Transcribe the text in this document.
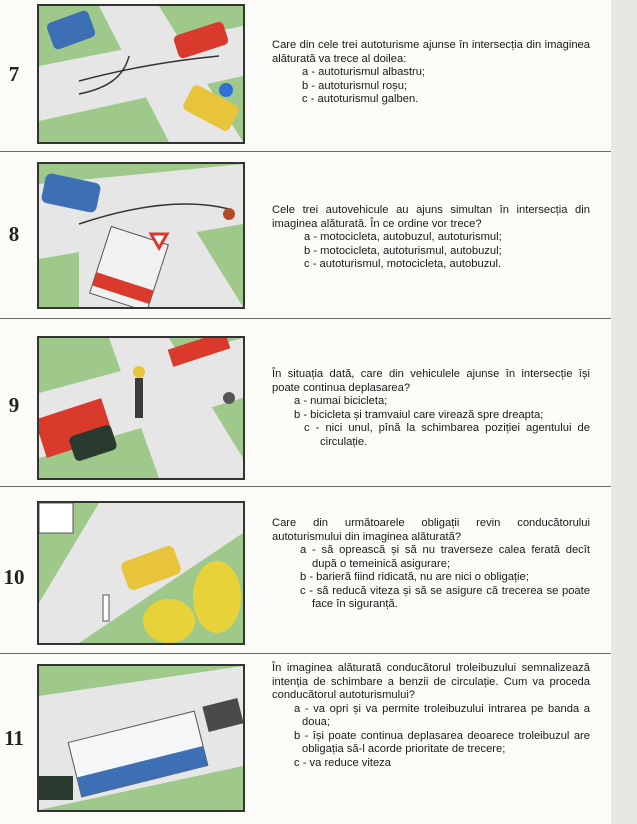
7

Care din cele trei autoturisme ajunse în intersecția din imaginea alăturată va trece al doilea:

a - autoturismul albastru;

b - autoturismul roșu;

c - autoturismul galben.

8

Cele trei autovehicule au ajuns simultan în intersecția din imaginea alăturată. În ce ordine vor trece?

a - motocicleta, autobuzul, autoturismul;

b - motocicleta, autoturismul, autobuzul;

c - autoturismul, motocicleta, autobuzul.

9

În situația dată, care din vehiculele ajunse în intersecție își poate continua deplasarea?

a - numai bicicleta;

b - bicicleta și tramvaiul care virează spre dreapta;

c - nici unul, pînă la schimbarea poziției agentului de circulație.

10

Care din următoarele obligații revin conducătorului autoturismului din imaginea alăturată?

a - să oprească și să nu traverseze calea ferată decît după o temeinică asigurare;

b - barieră fiind ridicată, nu are nici o obligație;

c - să reducă viteza și să se asigure că trecerea se poate face în siguranță.

11

În imaginea alăturată conducătorul troleibuzului semnalizează intenția de schimbare a benzii de circulație. Cum va proceda conducătorul autoturismului?

a - va opri și va permite troleibuzului intrarea pe banda a doua;

b - își poate continua deplasarea deoarece troleibuzul are obligația să-l acorde prioritate de trecere;

c - va reduce viteza
